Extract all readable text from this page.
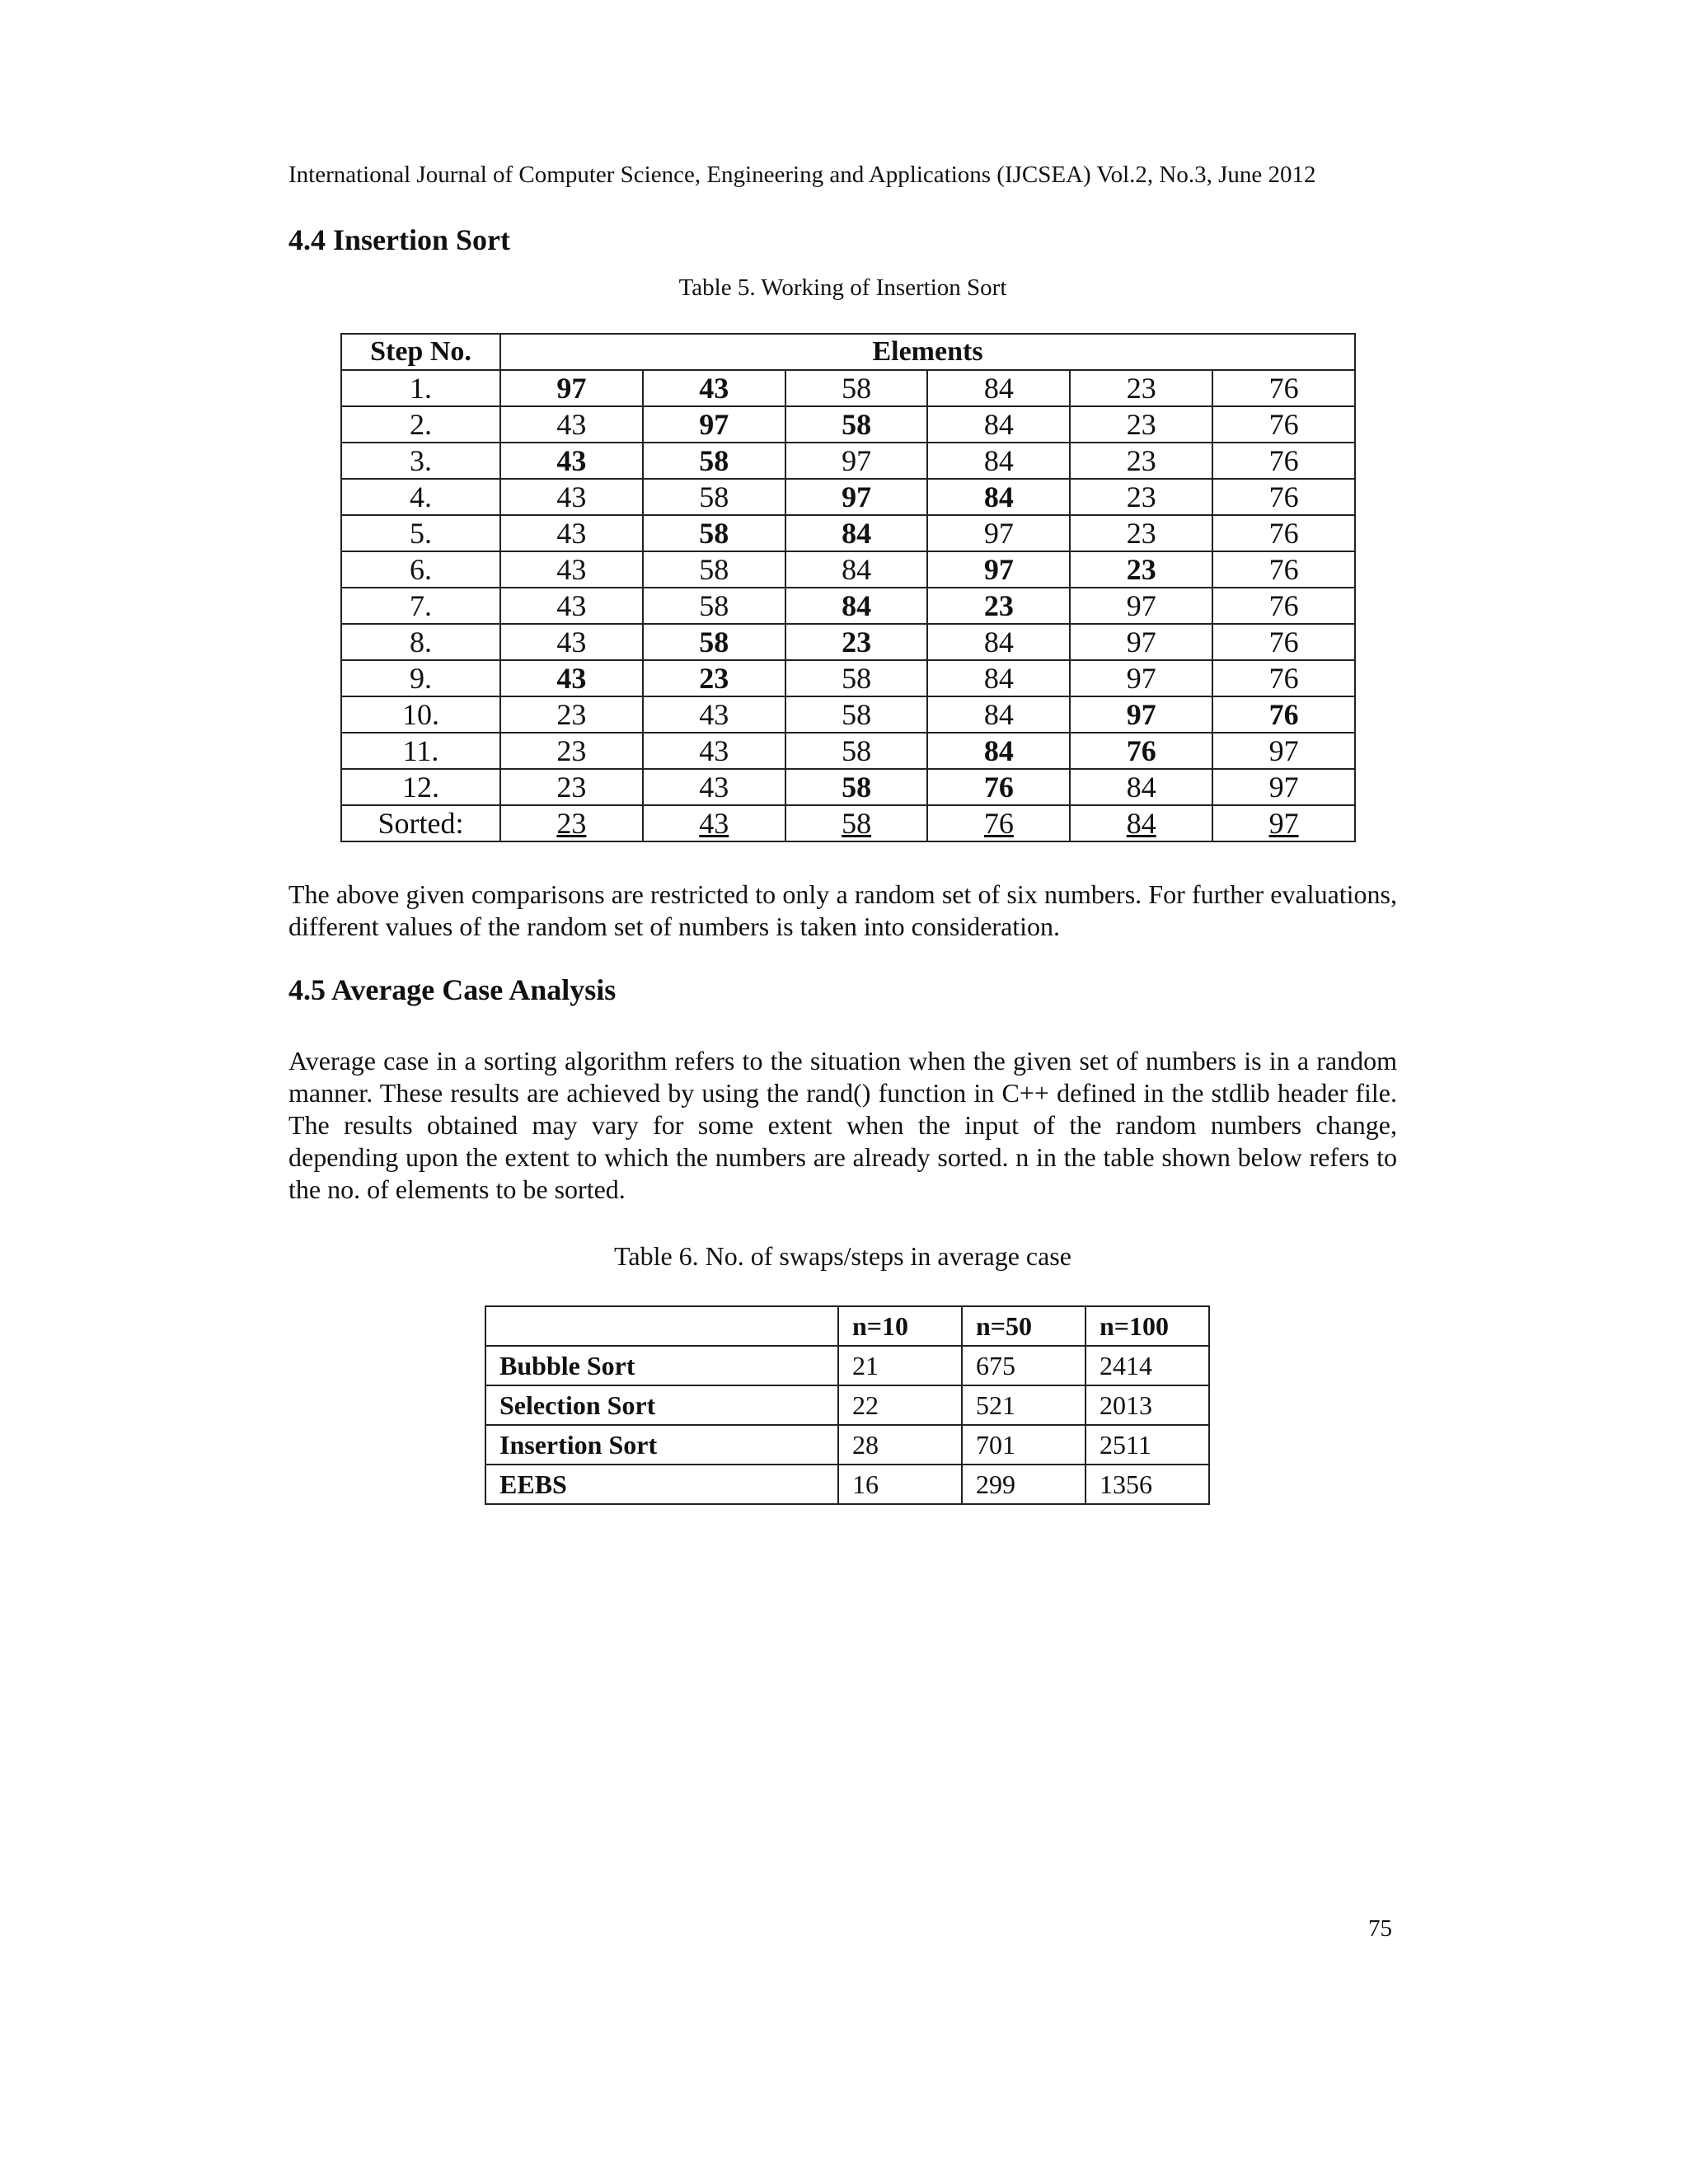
International Journal of Computer Science, Engineering and Applications (IJCSEA) Vol.2, No.3, June 2012
4.4 Insertion Sort
Table 5. Working of Insertion Sort
Step No.	Elements					
1.	97	43	58	84	23	76
2.	43	97	58	84	23	76
3.	43	58	97	84	23	76
4.	43	58	97	84	23	76
5.	43	58	84	97	23	76
6.	43	58	84	97	23	76
7.	43	58	84	23	97	76
8.	43	58	23	84	97	76
9.	43	23	58	84	97	76
10.	23	43	58	84	97	76
11.	23	43	58	84	76	97
12.	23	43	58	76	84	97
Sorted:	23	43	58	76	84	97

The above given comparisons are restricted to only a random set of six numbers. For further evaluations, different values of the random set of numbers is taken into consideration.

4.5 Average Case Analysis

Average case in a sorting algorithm refers to the situation when the given set of numbers is in a random manner. These results are achieved by using the rand() function in C++ defined in the stdlib header file. The results obtained may vary for some extent when the input of the random numbers change, depending upon the extent to which the numbers are already sorted. n in the table shown below refers to the no. of elements to be sorted.

Table 6. No. of swaps/steps in average case
	n=10	n=50	n=100
Bubble Sort	21	675	2414
Selection Sort	22	521	2013
Insertion Sort	28	701	2511
EEBS	16	299	1356
75
